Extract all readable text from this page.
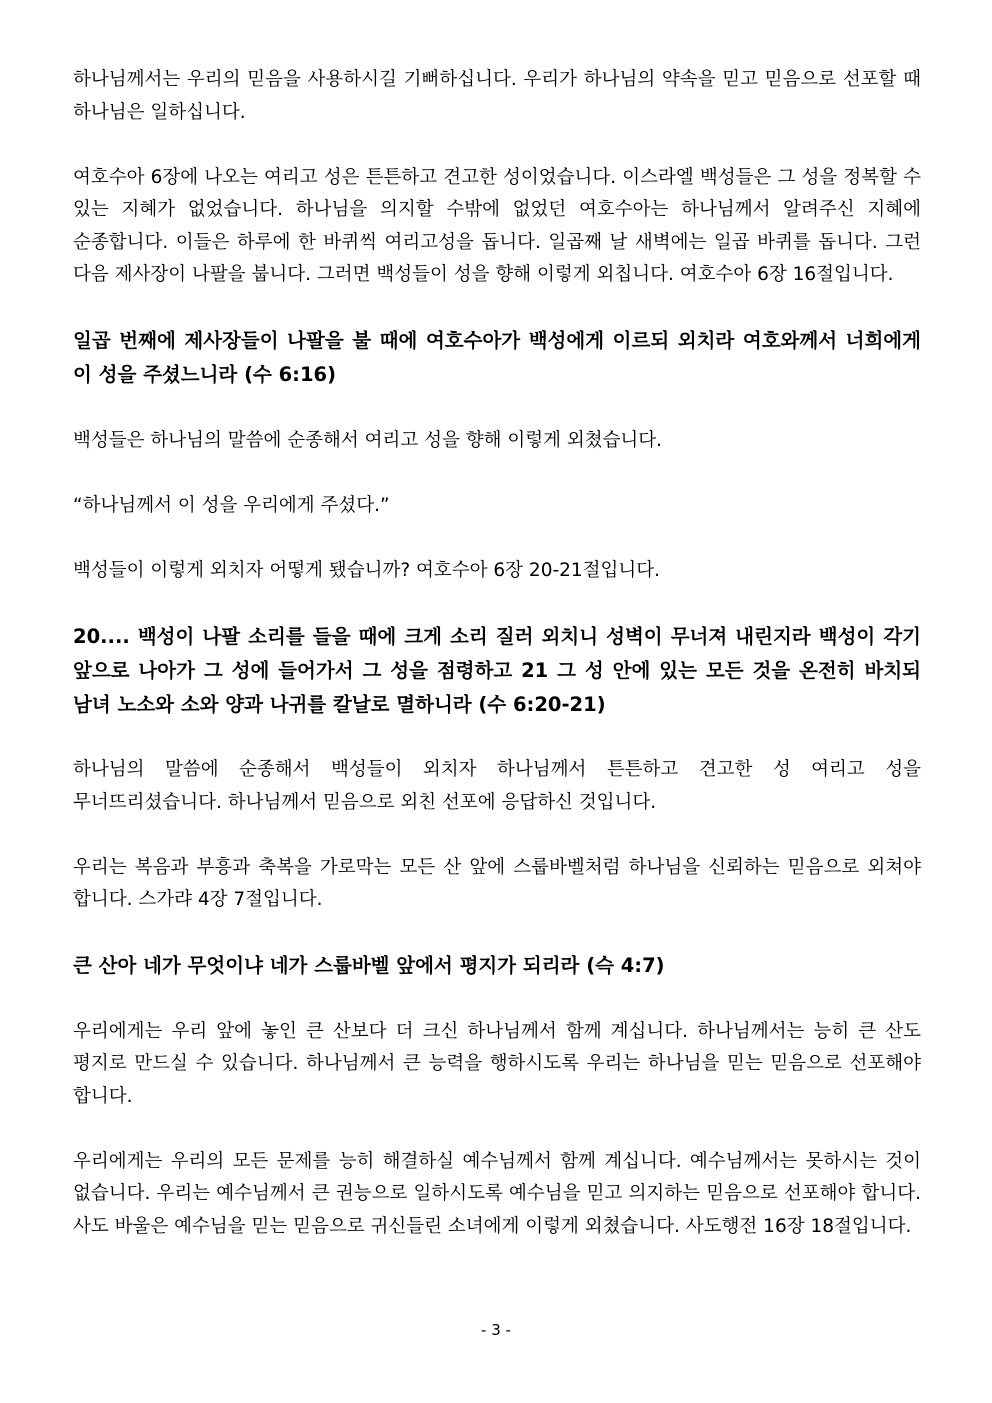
하나님께서는 우리의 믿음을 사용하시길 기뻐하십니다. 우리가 하나님의 약속을 믿고 믿음으로 선포할 때 하나님은 일하십니다.

여호수아 6장에 나오는 여리고 성은 튼튼하고 견고한 성이었습니다. 이스라엘 백성들은 그 성을 정복할 수 있는 지혜가 없었습니다. 하나님을 의지할 수밖에 없었던 여호수아는 하나님께서 알려주신 지혜에 순종합니다. 이들은 하루에 한 바퀴씩 여리고성을 돕니다. 일곱째 날 새벽에는 일곱 바퀴를 돕니다. 그런 다음 제사장이 나팔을 붑니다. 그러면 백성들이 성을 향해 이렇게 외칩니다. 여호수아 6장 16절입니다.

일곱 번째에 제사장들이 나팔을 불 때에 여호수아가 백성에게 이르되 외치라 여호와께서 너희에게 이 성을 주셨느니라 (수 6:16)

백성들은 하나님의 말씀에 순종해서 여리고 성을 향해 이렇게 외쳤습니다.

“하나님께서 이 성을 우리에게 주셨다.”

백성들이 이렇게 외치자 어떻게 됐습니까? 여호수아 6장 20-21절입니다.

20.... 백성이 나팔 소리를 들을 때에 크게 소리 질러 외치니 성벽이 무너져 내린지라 백성이 각기 앞으로 나아가 그 성에 들어가서 그 성을 점령하고 21 그 성 안에 있는 모든 것을 온전히 바치되 남녀 노소와 소와 양과 나귀를 칼날로 멸하니라 (수 6:20-21)

하나님의 말씀에 순종해서 백성들이 외치자 하나님께서 튼튼하고 견고한 성 여리고 성을 무너뜨리셨습니다. 하나님께서 믿음으로 외친 선포에 응답하신 것입니다.

우리는 복음과 부흥과 축복을 가로막는 모든 산 앞에 스룹바벨처럼 하나님을 신뢰하는 믿음으로 외쳐야 합니다. 스가랴 4장 7절입니다.

큰 산아 네가 무엇이냐 네가 스룹바벨 앞에서 평지가 되리라 (슥 4:7)

우리에게는 우리 앞에 놓인 큰 산보다 더 크신 하나님께서 함께 계십니다. 하나님께서는 능히 큰 산도 평지로 만드실 수 있습니다. 하나님께서 큰 능력을 행하시도록 우리는 하나님을 믿는 믿음으로 선포해야 합니다.

우리에게는 우리의 모든 문제를 능히 해결하실 예수님께서 함께 계십니다. 예수님께서는 못하시는 것이 없습니다. 우리는 예수님께서 큰 권능으로 일하시도록 예수님을 믿고 의지하는 믿음으로 선포해야 합니다. 사도 바울은 예수님을 믿는 믿음으로 귀신들린 소녀에게 이렇게 외쳤습니다. 사도행전 16장 18절입니다.

- 3 -
